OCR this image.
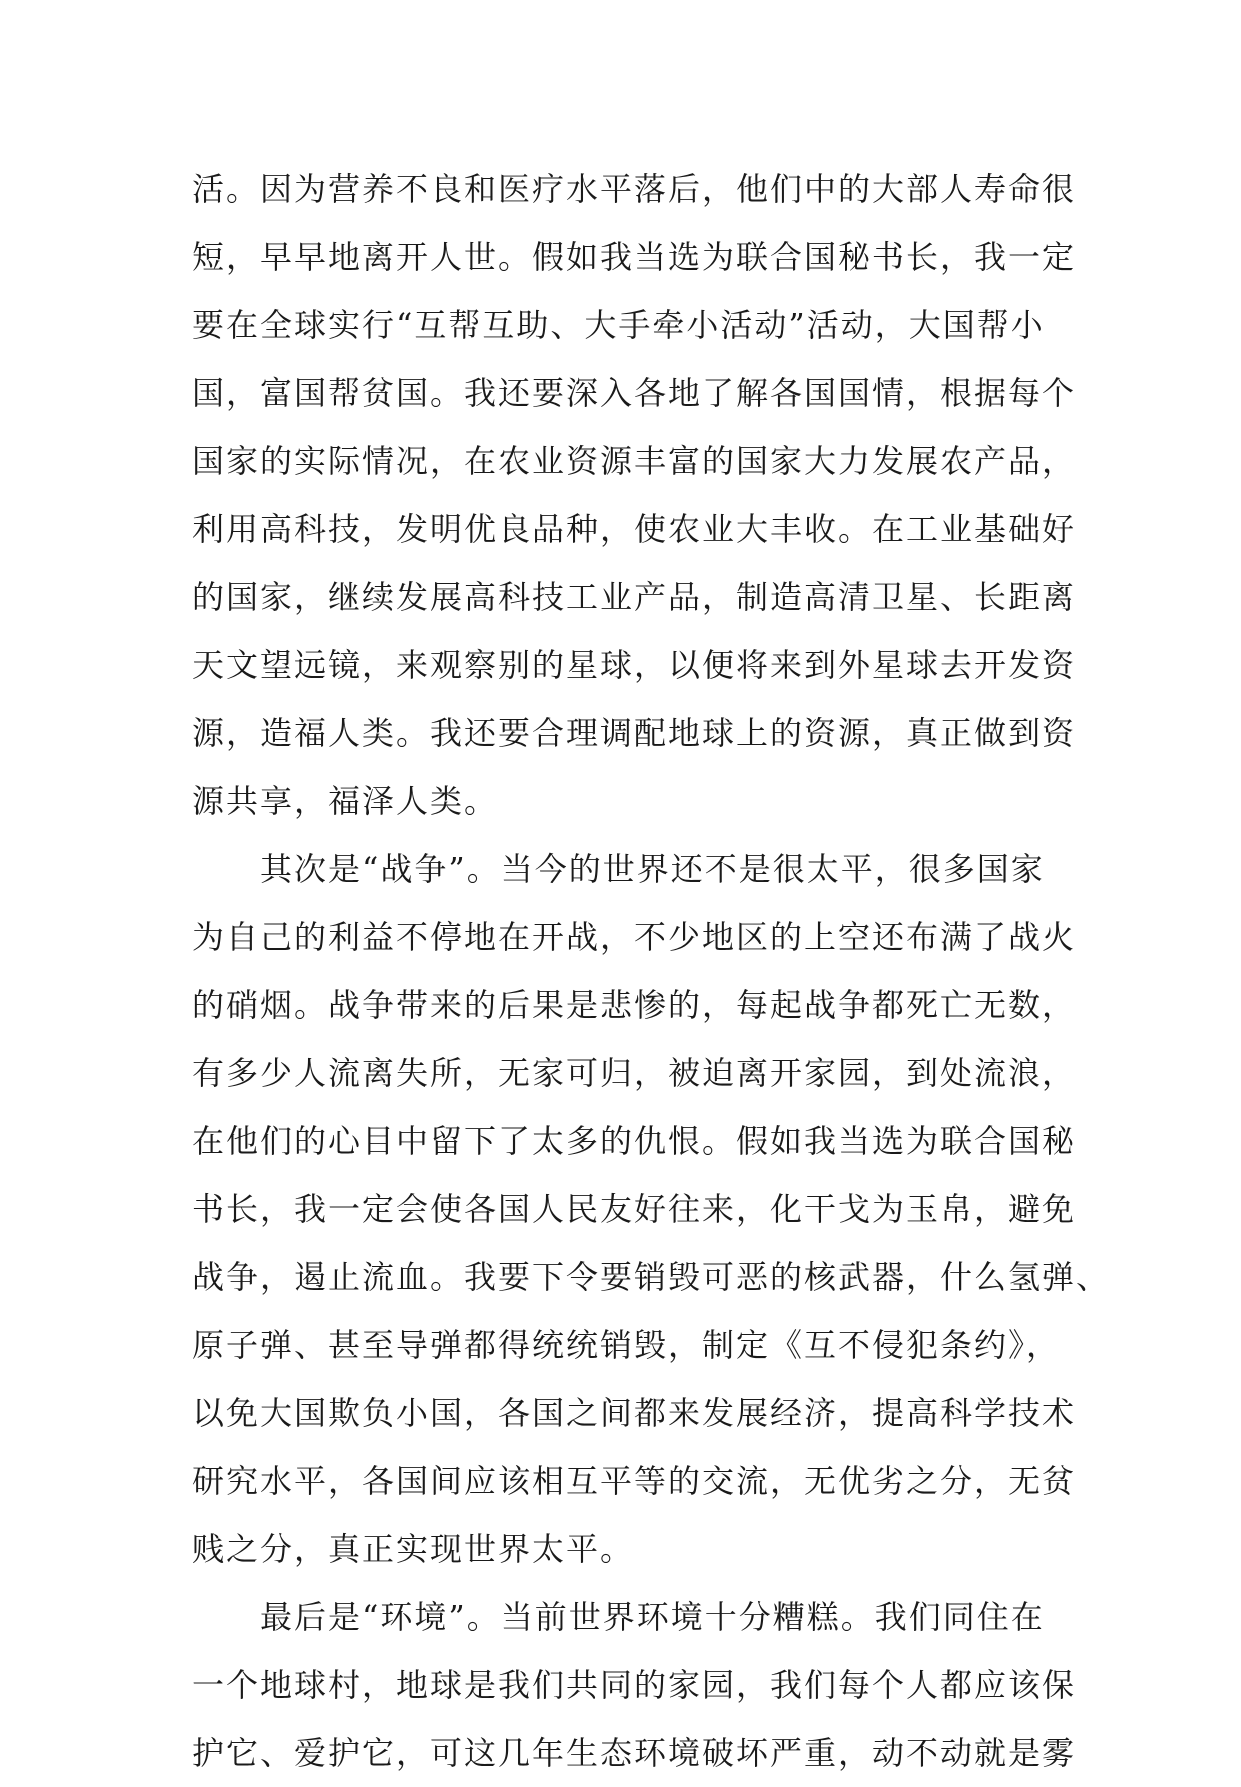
活。因为营养不良和医疗水平落后，他们中的大部人寿命很
短，早早地离开人世。假如我当选为联合国秘书长，我一定
要在全球实行“互帮互助、大手牵小活动”活动，大国帮小
国，富国帮贫国。我还要深入各地了解各国国情，根据每个
国家的实际情况，在农业资源丰富的国家大力发展农产品，
利用高科技，发明优良品种，使农业大丰收。在工业基础好
的国家，继续发展高科技工业产品，制造高清卫星、长距离
天文望远镜，来观察别的星球，以便将来到外星球去开发资
源，造福人类。我还要合理调配地球上的资源，真正做到资
源共享，福泽人类。
其次是“战争”。当今的世界还不是很太平，很多国家
为自己的利益不停地在开战，不少地区的上空还布满了战火
的硝烟。战争带来的后果是悲惨的，每起战争都死亡无数，
有多少人流离失所，无家可归，被迫离开家园，到处流浪，
在他们的心目中留下了太多的仇恨。假如我当选为联合国秘
书长，我一定会使各国人民友好往来，化干戈为玉帛，避免
战争，遏止流血。我要下令要销毁可恶的核武器，什么氢弹、
原子弹、甚至导弹都得统统销毁，制定《互不侵犯条约》，
以免大国欺负小国，各国之间都来发展经济，提高科学技术
研究水平，各国间应该相互平等的交流，无优劣之分，无贫
贱之分，真正实现世界太平。
最后是“环境”。当前世界环境十分糟糕。我们同住在
一个地球村，地球是我们共同的家园，我们每个人都应该保
护它、爱护它，可这几年生态环境破坏严重，动不动就是雾
